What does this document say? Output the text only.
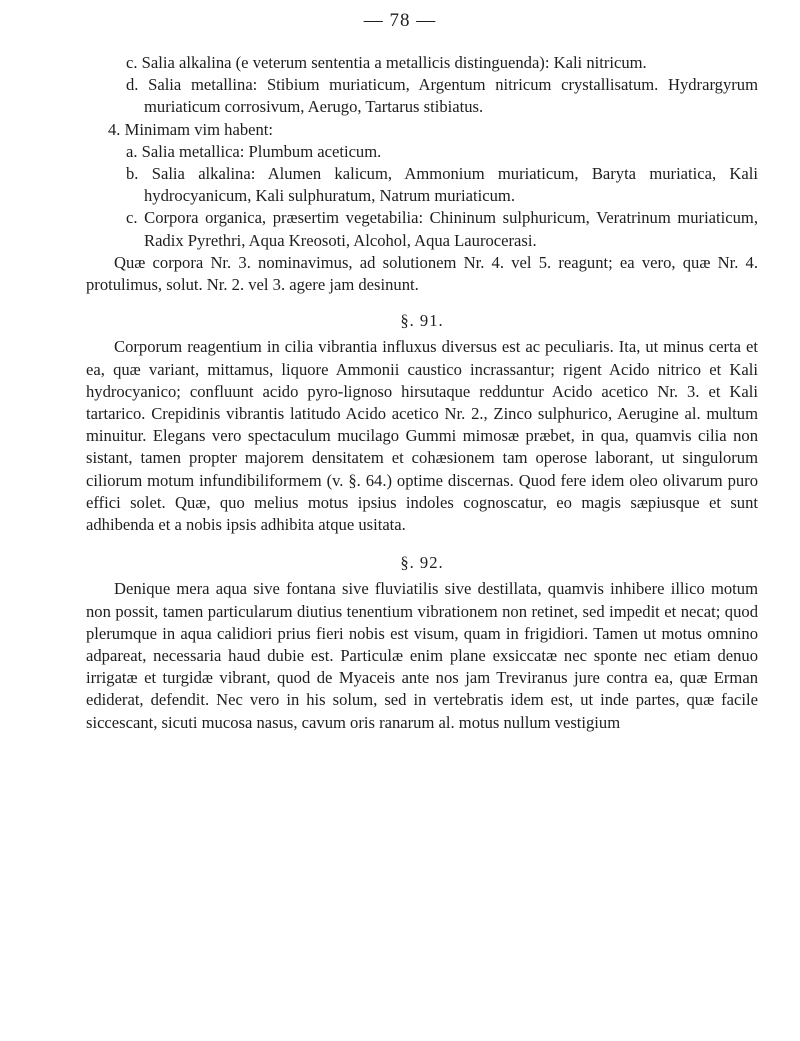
— 78 —

c. Salia alkalina (e veterum sententia a metallicis distinguenda): Kali nitricum.

d. Salia metallina: Stibium muriaticum, Argentum nitricum crystallisatum. Hydrargyrum muriaticum corrosivum, Aerugo, Tartarus stibiatus.

4. Minimam vim habent:

a. Salia metallica: Plumbum aceticum.

b. Salia alkalina: Alumen kalicum, Ammonium muriaticum, Baryta muriatica, Kali hydrocyanicum, Kali sulphuratum, Natrum muriaticum.

c. Corpora organica, præsertim vegetabilia: Chininum sulphuricum, Veratrinum muriaticum, Radix Pyrethri, Aqua Kreosoti, Alcohol, Aqua Laurocerasi.

Quæ corpora Nr. 3. nominavimus, ad solutionem Nr. 4. vel 5. reagunt; ea vero, quæ Nr. 4. protulimus, solut. Nr. 2. vel 3. agere jam desinunt.

§. 91.

Corporum reagentium in cilia vibrantia influxus diversus est ac peculiaris. Ita, ut minus certa et ea, quæ variant, mittamus, liquore Ammonii caustico incrassantur; rigent Acido nitrico et Kali hydrocyanico; confluunt acido pyro-lignoso hirsutaque redduntur Acido acetico Nr. 3. et Kali tartarico. Crepidinis vibrantis latitudo Acido acetico Nr. 2., Zinco sulphurico, Aerugine al. multum minuitur. Elegans vero spectaculum mucilago Gummi mimosæ præbet, in qua, quamvis cilia non sistant, tamen propter majorem densitatem et cohæsionem tam operose laborant, ut singulorum ciliorum motum infundibiliformem (v. §. 64.) optime discernas. Quod fere idem oleo olivarum puro effici solet. Quæ, quo melius motus ipsius indoles cognoscatur, eo magis sæpiusque et sunt adhibenda et a nobis ipsis adhibita atque usitata.

§. 92.

Denique mera aqua sive fontana sive fluviatilis sive destillata, quamvis inhibere illico motum non possit, tamen particularum diutius tenentium vibrationem non retinet, sed impedit et necat; quod plerumque in aqua calidiori prius fieri nobis est visum, quam in frigidiori. Tamen ut motus omnino adpareat, necessaria haud dubie est. Particulæ enim plane exsiccatæ nec sponte nec etiam denuo irrigatæ et turgidæ vibrant, quod de Myaceis ante nos jam Treviranus jure contra ea, quæ Erman ediderat, defendit. Nec vero in his solum, sed in vertebratis idem est, ut inde partes, quæ facile siccescant, sicuti mucosa nasus, cavum oris ranarum al. motus nullum vestigium
